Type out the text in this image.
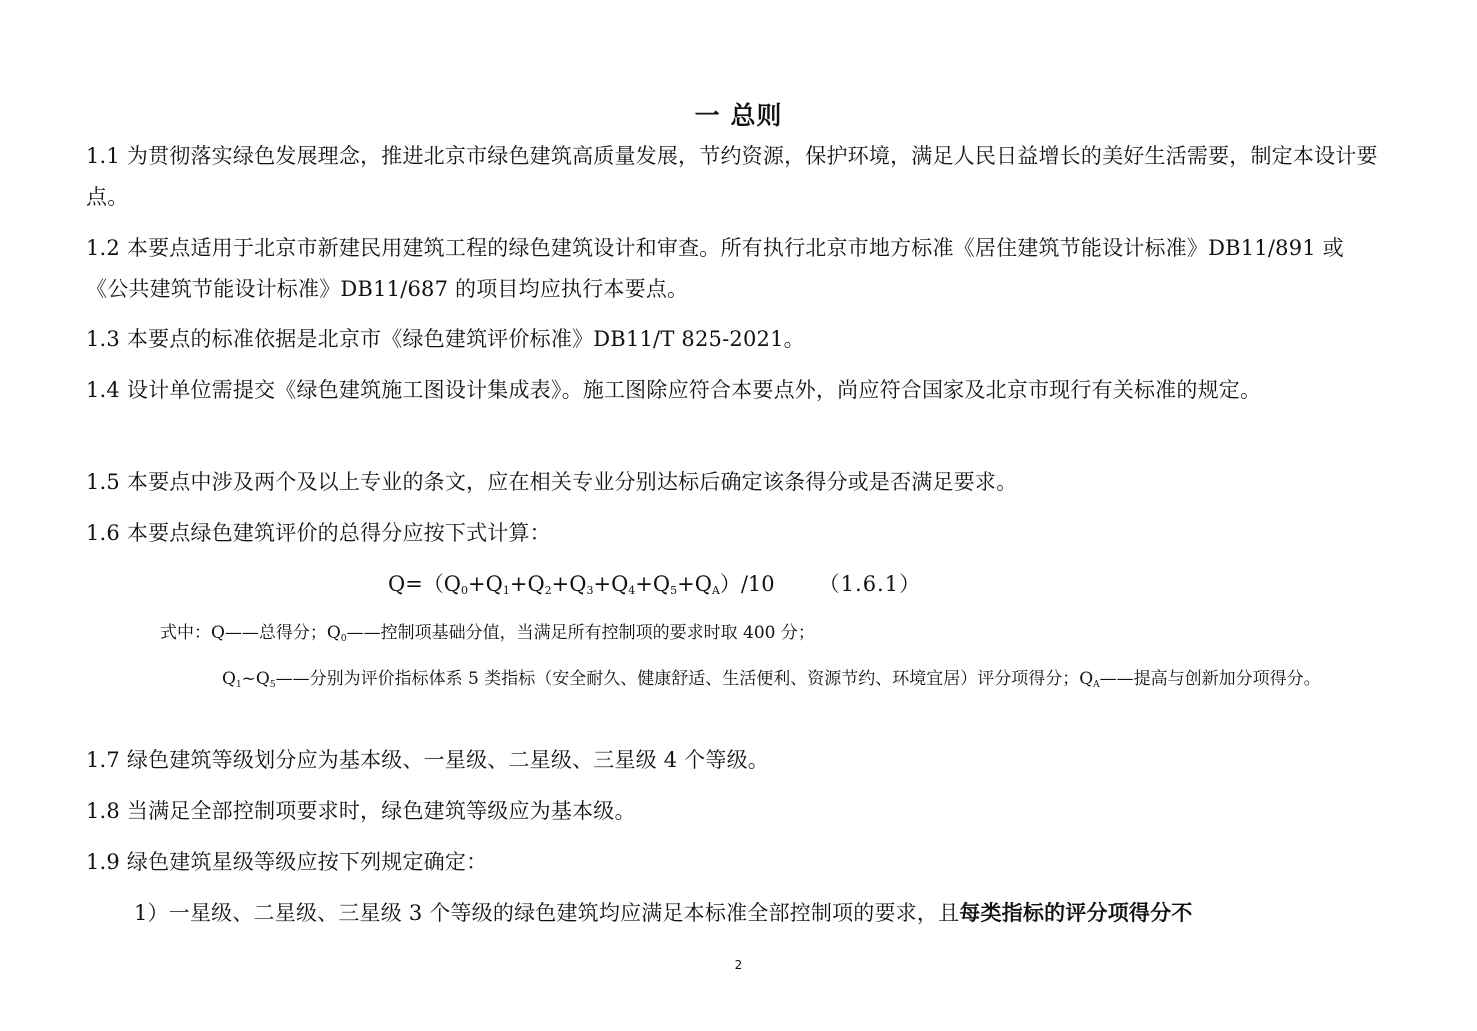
一 总则
1.1 为贯彻落实绿色发展理念，推进北京市绿色建筑高质量发展，节约资源，保护环境，满足人民日益增长的美好生活需要，制定本设计要点。
1.2 本要点适用于北京市新建民用建筑工程的绿色建筑设计和审查。所有执行北京市地方标准《居住建筑节能设计标准》DB11/891 或《公共建筑节能设计标准》DB11/687 的项目均应执行本要点。
1.3 本要点的标准依据是北京市《绿色建筑评价标准》DB11/T 825-2021。
1.4 设计单位需提交《绿色建筑施工图设计集成表》。施工图除应符合本要点外，尚应符合国家及北京市现行有关标准的规定。
1.5 本要点中涉及两个及以上专业的条文，应在相关专业分别达标后确定该条得分或是否满足要求。
1.6 本要点绿色建筑评价的总得分应按下式计算：
$Q=(Q_0+Q_1+Q_2+Q_3+Q_4+Q_5+Q_A)/10$ （1.6.1）
式中：Q——总得分；$Q_0——$控制项基础分值，当满足所有控制项的要求时取 400 分；
$Q_1\sim Q_5——$分别为评价指标体系 5 类指标（安全耐久、健康舒适、生活便利、资源节约、环境宜居）评分项得分；$Q_A——$提高与创新加分项得分。
1.7 绿色建筑等级划分应为基本级、一星级、二星级、三星级 4 个等级。
1.8 当满足全部控制项要求时，绿色建筑等级应为基本级。
1.9 绿色建筑星级等级应按下列规定确定：
1）一星级、二星级、三星级 3 个等级的绿色建筑均应满足本标准全部控制项的要求，且每类指标的评分项得分不
2
